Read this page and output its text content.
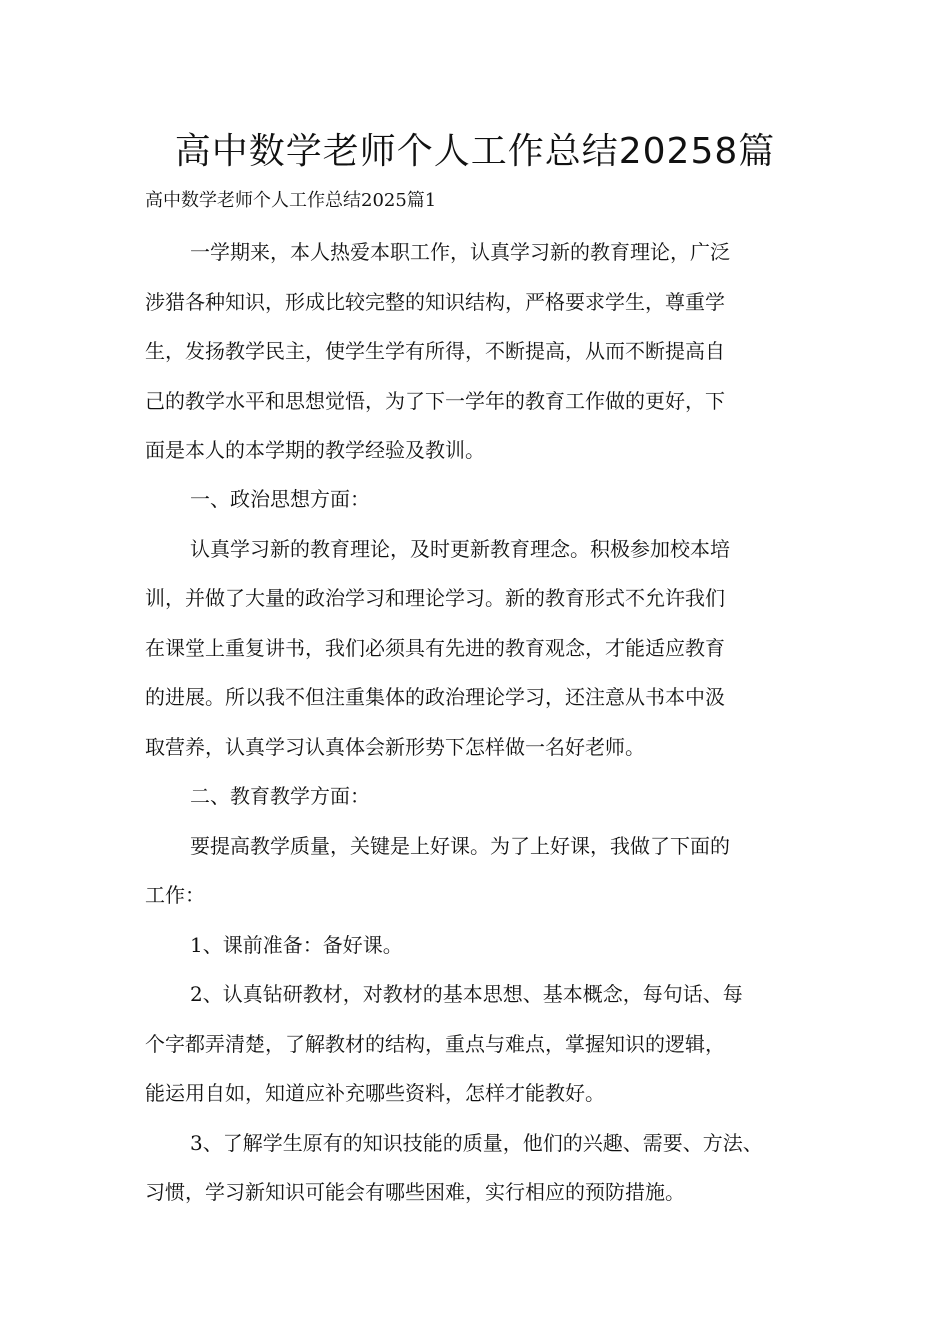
高中数学老师个人工作总结20258篇
高中数学老师个人工作总结2025篇1
一学期来，本人热爱本职工作，认真学习新的教育理论，广泛
涉猎各种知识，形成比较完整的知识结构，严格要求学生，尊重学
生，发扬教学民主，使学生学有所得，不断提高，从而不断提高自
己的教学水平和思想觉悟，为了下一学年的教育工作做的更好，下
面是本人的本学期的教学经验及教训。
一、政治思想方面：
认真学习新的教育理论，及时更新教育理念。积极参加校本培
训，并做了大量的政治学习和理论学习。新的教育形式不允许我们
在课堂上重复讲书，我们必须具有先进的教育观念，才能适应教育
的进展。所以我不但注重集体的政治理论学习，还注意从书本中汲
取营养，认真学习认真体会新形势下怎样做一名好老师。
二、教育教学方面：
要提高教学质量，关键是上好课。为了上好课，我做了下面的
工作：
1、课前准备：备好课。
2、认真钻研教材，对教材的基本思想、基本概念，每句话、每
个字都弄清楚，了解教材的结构，重点与难点，掌握知识的逻辑，
能运用自如，知道应补充哪些资料，怎样才能教好。
3、了解学生原有的知识技能的质量，他们的兴趣、需要、方法、
习惯，学习新知识可能会有哪些困难，实行相应的预防措施。
